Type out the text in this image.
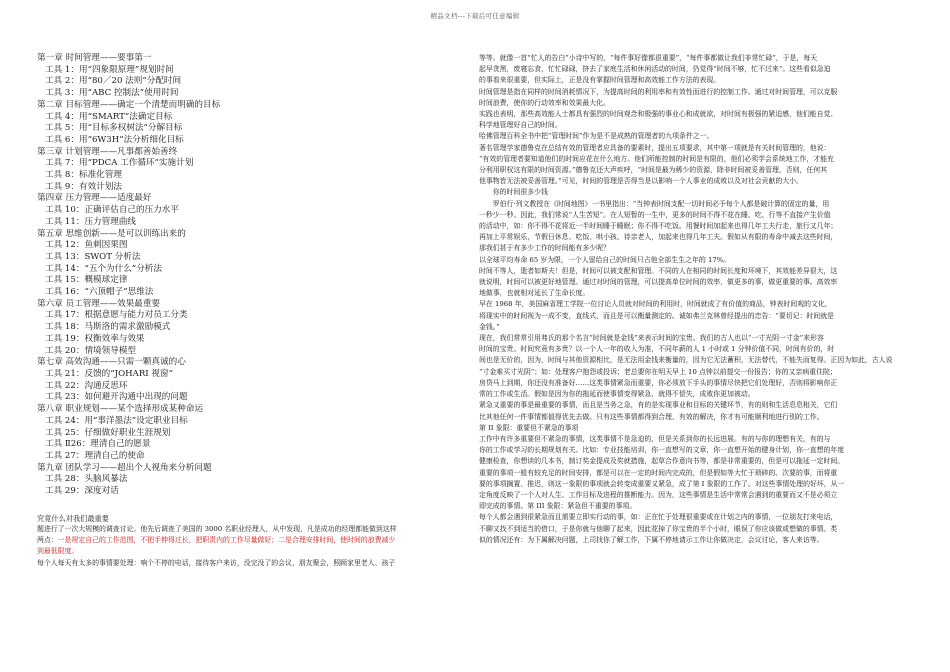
精品文档---下载后可任意编辑
第一章 时间管理——要事第一
工具 1：用“四象限原理”规划时间
工具 2：用“80／20 法则”分配时间
工具 3：用“ABC 控制法”使用时间
第二章 目标管理——确定一个清楚而明确的目标
工具 4：用“SMART”法确定目标
工具 5：用“目标多权树法”分解目标
工具 6：用“6W3H”法分析细化目标
第三章 计划管理——凡事都善始善终
工具 7：用“PDCA 工作循环”实施计划
工具 8：标准化管理
工具 9：有效计划法
第四章 压力管理——适度最好
工具 10：正确评估自己的压力水平
工具 11：压力管理曲线
第五章 思维创新——是可以训练出来的
工具 12：鱼刺因果图
工具 13：SWOT 分析法
工具 14：“五个为什么”分析法
工具 15：概模球定律
工具 16：“六顶帽子”思维法
第六章 员工管理——效果最重要
工具 17：根据意愿与能力对员工分类
工具 18：马斯洛的需求激励模式
工具 19：权衡效率与效果
工具 20：情境领导模型
第七章 高效沟通——只需一颗真诚的心
工具 21：反馈的“JOHARI 视窗”
工具 22：沟通反思环
工具 23：如何避开沟通中出现的问题
第八章 职业规划——某个选择形成某种命运
工具 24：用“事洋墨法”设定职业目标
工具 25：仔细做好职业生涯规划
工具 Ⅱ26：理清自己的愿景
工具 27：理清自己的使命
第九章 团队学习——超出个人视角来分析问题
工具 28：头脑风暴法
工具 29：深度对话
究竟什么对我们最重要
题进行了一次大规模的调查讨论。他先后调查了美国的 3000 名职业经理人，从中发现，凡是成功的经理都能做到这样
两点：一是规定自己的工作范围，不把手伸得过长，把职责内的工作尽量做好；二是合理安排时间，使时间的浪费减少
到最低限度。
每个人每天有太多的事情要处理：响个不停的电话，接待客户来访，没完没了的会议，朋友聚会，照顾家里老人、孩子
等等。就像一首“忙人的告白”小诗中写的，“每件事好像都很重要”，“每件事都做让我们非常忙碌”，于是，每天
起早贪黑，废寝忘食，忙忙碌碌，挤去了家庭生活和休闲活动的时间，仍觉得“时间不够，忙不过来”。这些看似急迫
的事看来很重要，但实际上，正是没有掌握时间管理和高效能工作方法的表现。
时间管理是指在同样的时间消耗情况下，为提高时间的利用率和有效性而进行的控制工作。通过对时间管理，可以克服
时间浪费，使你的行动效率和效果最大化。
实践也表明，那些高效能人士都具有强烈的时间观念和极强的事业心和成就欲，对时间有极强的紧迫感，他们能自觉、
科学地管理好自己的时间。
哈佛管理百科全书中把“管理时间”作为是不是成熟的管理者的九项条件之一。
著名管理学家德鲁克在总结有效的管理者应具备的要素时，提出五项要求，其中第一项就是有关时间管理的，他说：
“有效的管理者要知道他们的时间应花在什么地方。他们所能控制的时间是有限的，他们必须学会系统地工作，才能充
分利用职权这有限的时间资源。”德鲁克还大声疾呼，“时间是最为稀少的资源，除非时间被妥善管理，否则，任何其
他事物皆无法被妥善管理。”可见，时间的管理是否得当是以影响一个人事业的成败以及对社会贡献的大小。
　　你的时间很多少钱
　　罗伯行·列文教授在《时间地图》一书里指出：“当钟表时间支配一切时间必予每个人都是破计算的固定的量，用
一秒少一秒。因此，我们常说“人生苦短”。在人短暂的一生中，更多的时间不得不花在睡、吃、行等不直接产生价值
的活动中，如：你不得不花将近一半时间睡于睡眠；你不得不吃饭。用餐时间加起来也得几年工夫行走，旅行又几年；
再加上平常娱乐，节假日休息、吃饭、哄小孩、待亲老人，加起来也得几年工夫。假如从有限的寿命中减去这些时间，
那我们甚于有多少工作的时间能有多少呢？
以全球平均寿命 65 岁为限，一个人留给自己的时间只占他全部生生之年的 17%。
时间不等人，逝者如斯夫！但是，时间可以被支配和管理。不同的人在相同的时间长度和环境下，其效能差异很大，这
就说明，时间可以被更好地管理。通过对时间的管理，可以提高单位时间的效率，做更多的事，做更重要的事。高效率
地做事，也就相对延长了生命长度。
早在 1968 年，美国麻省理工学院一位讨论人员就对时间的利用时，时间就成了有价值的商品，钟表时间观的文化，
将现实中的时间视为一成不变，直线式，而且是可以衡量测定的。诚如弗兰克林曾经提出的忠告：“要切记：时间就是
金钱。”
现在，我们常常引用弗氏的那个名言“时间就是金钱”来表示时间的宝贵。我们的古人也以“一寸光阴一寸金”来形容
时间的宝贵。时间究竟有多贵？以一个人一年的收入为准，不同年薪的人 1 小时或 1 分钟价值不同，时间有价的，时
间也是无价的，因为，时间与其他资源相比，是无法用金钱来衡量的，因为它无法蓄积，无法替代，不能失而复得。正因为如此，古人说
“寸金难买寸光阴”；如：处理客户抱怨或投诉；老总要你在明天早上 10 点钟以前提交一份报告；你的又亲病重住院；
房贷马上到期，你还没有准备好……这类事情紧急而重要，你必须放下手头的事情尽快把它们处理好，否则将影响你正
常的工作或生活。假如是因为你的拖延而使事情变得紧急，就得不偿失，成败你更加被动。
紧急又重要的事是最重要的事情，而且是当务之急，有的是实现事业和目标的关键环节，有的则和生活息息相关，它们
比其他任何一件事情都值得优先去做。只有这些事情都得到合理、有效的解决，你才有可能顺利地进行别的工作。
第 II 象限：重要但不紧急的事项
工作中有许多重要但不紧急的事情，这类事情不是急迫的，但是关系到你的长远进展。有的与你的理想有关，有的与
你的工作或学习的长期规划有关。比如：专业技能培训，你一直想写的文章，你一直想开始的健身计划，你一直想的年度
健康检查，你想读的几本书，制订奖金提成及奖就措施，起草合作意向书等，都是非常重要的，但是可以拖延一定时间。
重要的事项一般有较充足的时间安排，都是可以在一定的时间内完成的，但是假如等大忙于琐碎的、次要的事，而将重
要的事项搁置、推迟，则这一象限的事项就会转变成重要又紧急，成了第 I 象限的工作了。对这些事情处理的好坏，从一
定角度反映了一个人对人生、工作目标及进程的推断能力。因为，这些事情是生活中常常会遇到的重要而又不是必须立
即完成的事情。第 III 象限：紧急但不重要的事项。
每个人都会遇到很紧急而且需要立即实行动的事，如：正在忙于处理很重要或在计划之内的事情，一位朋友打来电话，
不聊又找不到适当的借口，于是你就与他聊了起来，因此花掉了你宝贵的半个小时，眼误了你应该做或想做的事情。类
似的情况还有：为下属解决问题，上司找你了解工作，下属不停地请示工作让你做决定，会议讨论，客人来访等。
